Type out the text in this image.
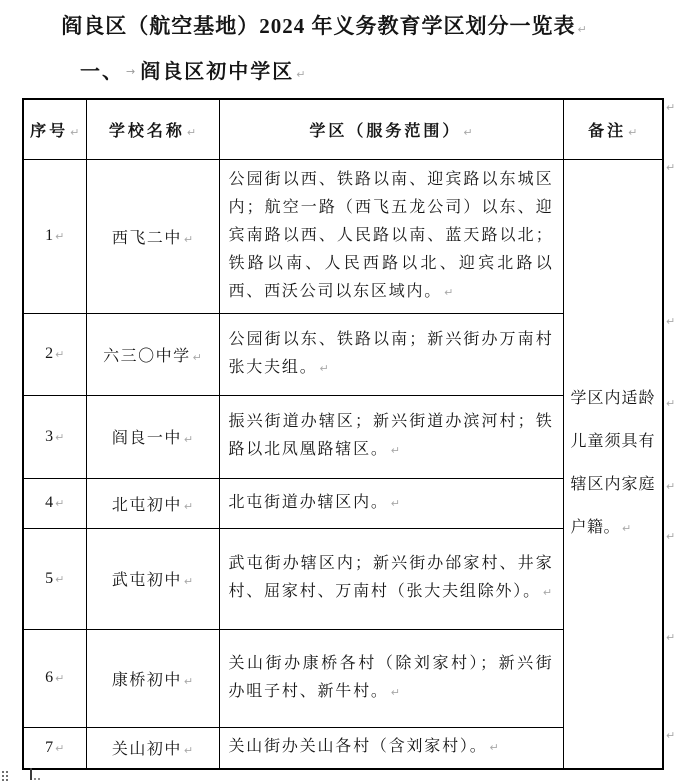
阎良区（航空基地）2024 年义务教育学区划分一览表 ↵
一、 → 阎良区初中学区 ↵
序号 ↵	学校名称 ↵	学区（服务范围） ↵	备注 ↵
1 ↵	西飞二中 ↵	公园街以西、铁路以南、迎宾路以东城区内；航空一路（西飞五龙公司）以东、迎宾南路以西、人民路以南、蓝天路以北；铁路以南、人民西路以北、迎宾北路以西、西沃公司以东区域内。 ↵	学区内适龄儿童须具有辖区内家庭户籍。 ↵
2 ↵	六三〇中学 ↵	公园街以东、铁路以南；新兴街办万南村张大夫组。 ↵
3 ↵	阎良一中 ↵	振兴街道办辖区；新兴街道办滨河村；铁路以北凤凰路辖区。 ↵
4 ↵	北屯初中 ↵	北屯街道办辖区内。 ↵
5 ↵	武屯初中 ↵	武屯街办辖区内；新兴街办邰家村、井家村、屈家村、万南村（张大夫组除外）。 ↵
6 ↵	康桥初中 ↵	关山街办康桥各村（除刘家村）；新兴街办咀子村、新牛村。 ↵
7 ↵	关山初中 ↵	关山街办关山各村（含刘家村）。 ↵
↵
↵
↵
↵
↵
↵
↵
↵
